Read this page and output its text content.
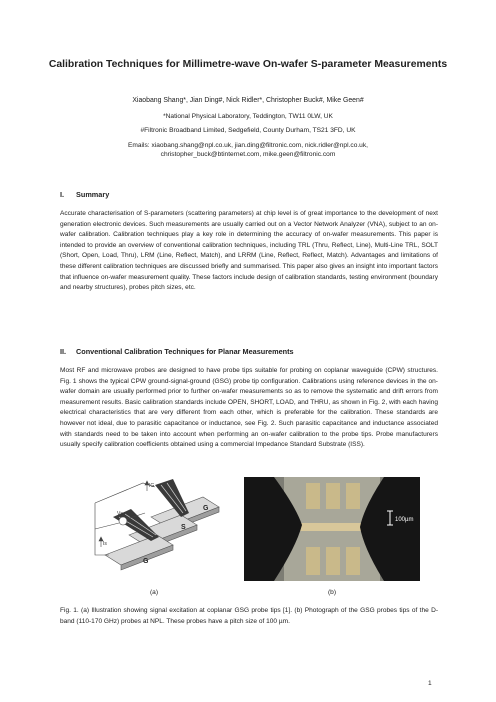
Calibration Techniques for Millimetre-wave On-wafer S-parameter Measurements
Xiaobang Shang*, Jian Ding#, Nick Ridler*, Christopher Buck#, Mike Geen#
*National Physical Laboratory, Teddington, TW11 0LW, UK
#Filtronic Broadband Limited, Sedgefield, County Durham, TS21 3FD, UK
Emails: xiaobang.shang@npl.co.uk, jian.ding@filtronic.com, nick.ridler@npl.co.uk,
christopher_buck@btinternet.com, mike.geen@filtronic.com
I. Summary
Accurate characterisation of S-parameters (scattering parameters) at chip level is of great importance to the development of next generation electronic devices. Such measurements are usually carried out on a Vector Network Analyzer (VNA), subject to an on-wafer calibration. Calibration techniques play a key role in determining the accuracy of on-wafer measurements. This paper is intended to provide an overview of conventional calibration techniques, including TRL (Thru, Reflect, Line), Multi-Line TRL, SOLT (Short, Open, Load, Thru), LRM (Line, Reflect, Match), and LRRM (Line, Reflect, Reflect, Match). Advantages and limitations of these different calibration techniques are discussed briefly and summarised. This paper also gives an insight into important factors that influence on-wafer measurement quality. These factors include design of calibration standards, testing environment (boundary and nearby structures), probes pitch sizes, etc.
II. Conventional Calibration Techniques for Planar Measurements
Most RF and microwave probes are designed to have probe tips suitable for probing on coplanar waveguide (CPW) structures. Fig. 1 shows the typical CPW ground-signal-ground (GSG) probe tip configuration. Calibrations using reference devices in the on-wafer domain are usually performed prior to further on-wafer measurements so as to remove the systematic and drift errors from measurement results. Basic calibration standards include OPEN, SHORT, LOAD, and THRU, as shown in Fig. 2, with each having electrical characteristics that are very different from each other, which is preferable for the calibration. These standards are however not ideal, due to parasitic capacitance or inductance, see Fig. 2. Such parasitic capacitance and inductance associated with standards need to be taken into account when performing an on-wafer calibration to the probe tips. Probe manufacturers usually specify calibration coefficients obtained using a commercial Impedance Standard Substrate (ISS).
IG
Vs
Is
G
S
G
100µm
(a)	(b)
Fig. 1. (a) Illustration showing signal excitation at coplanar GSG probe tips [1]. (b) Photograph of the GSG probes tips of the D-band (110-170 GHz) probes at NPL. These probes have a pitch size of 100 µm.
1
